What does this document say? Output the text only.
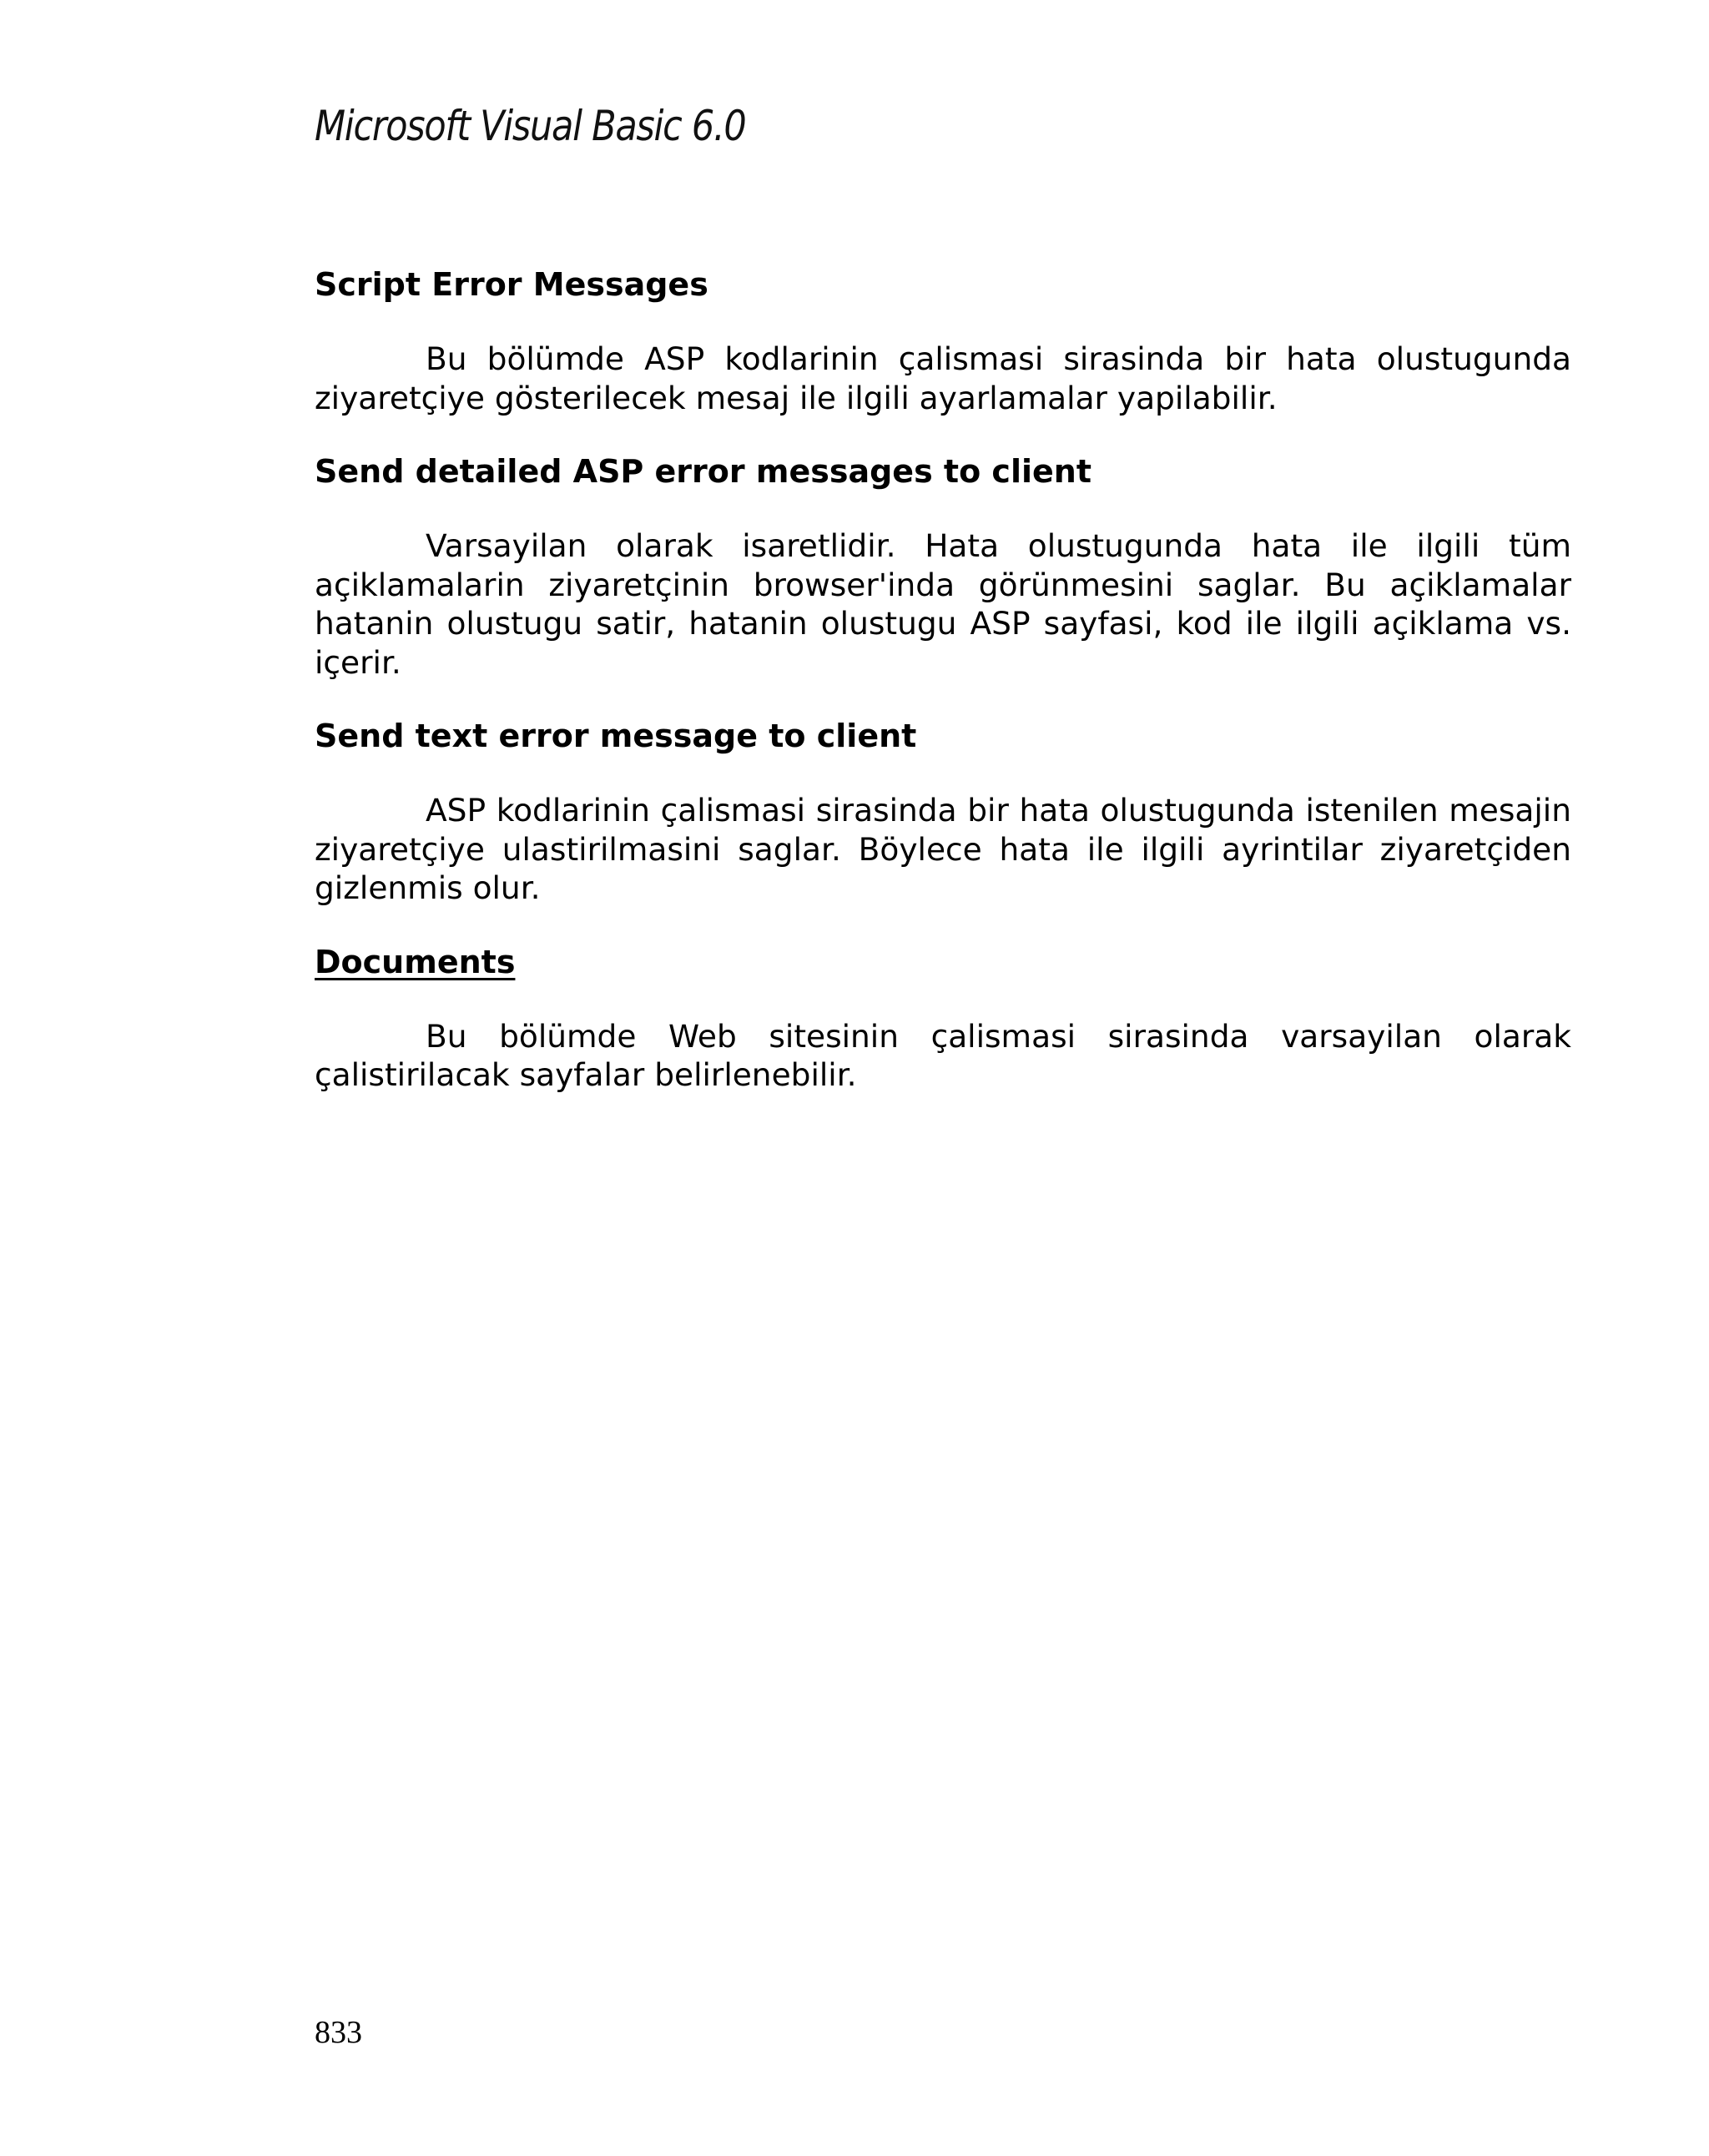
Microsoft Visual Basic 6.0
Script Error Messages

Bu bölümde ASP kodlarinin çalismasi sirasinda bir hata olustugunda ziyaretçiye gösterilecek mesaj ile ilgili ayarlamalar yapilabilir.

Send detailed ASP error messages to client

Varsayilan olarak isaretlidir. Hata olustugunda hata ile ilgili tüm açiklamalarin ziyaretçinin browser'inda görünmesini saglar. Bu açiklamalar hatanin olustugu satir, hatanin olustugu ASP sayfasi, kod ile ilgili açiklama vs. içerir.

Send text error message to client

ASP kodlarinin çalismasi sirasinda bir hata olustugunda istenilen mesajin ziyaretçiye ulastirilmasini saglar. Böylece hata ile ilgili ayrintilar ziyaretçiden gizlenmis olur.

Documents

Bu bölümde Web sitesinin çalismasi sirasinda varsayilan olarak çalistirilacak sayfalar belirlenebilir.

833
